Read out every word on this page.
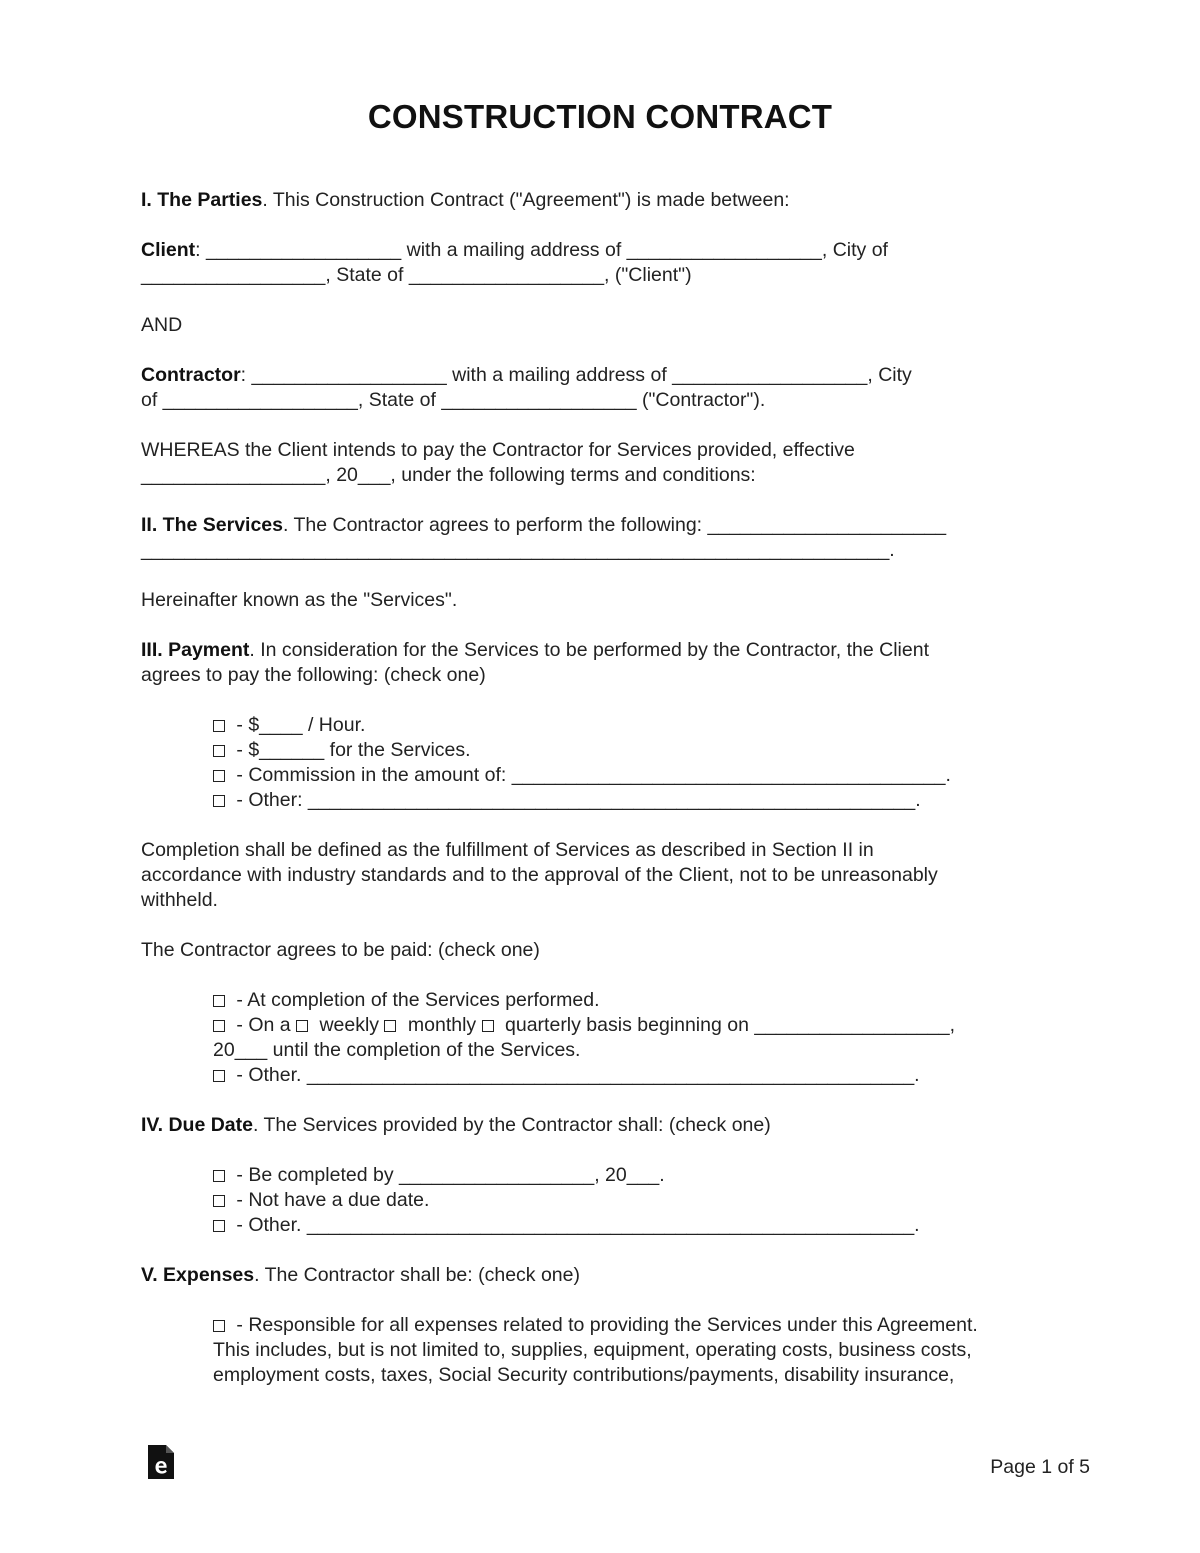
CONSTRUCTION CONTRACT

I. The Parties. This Construction Contract ("Agreement") is made between:

Client: __________________ with a mailing address of __________________, City of
_________________, State of __________________, ("Client")

AND

Contractor: __________________ with a mailing address of __________________, City
of __________________, State of __________________ ("Contractor").

WHEREAS the Client intends to pay the Contractor for Services provided, effective
_________________, 20___, under the following terms and conditions:

II. The Services. The Contractor agrees to perform the following: ______________________
_____________________________________________________________________.

Hereinafter known as the "Services".

III. Payment. In consideration for the Services to be performed by the Contractor, the Client
agrees to pay the following: (check one)

- $____ / Hour.
- $______ for the Services.
- Commission in the amount of: ________________________________________.
- Other: ________________________________________________________.

Completion shall be defined as the fulfillment of Services as described in Section II in
accordance with industry standards and to the approval of the Client, not to be unreasonably
withheld.

The Contractor agrees to be paid: (check one)

- At completion of the Services performed.
- On a  weekly  monthly  quarterly basis beginning on __________________,
20___ until the completion of the Services.
- Other. ________________________________________________________.

IV. Due Date. The Services provided by the Contractor shall: (check one)

- Be completed by __________________, 20___.
- Not have a due date.
- Other. ________________________________________________________.

V. Expenses. The Contractor shall be: (check one)

- Responsible for all expenses related to providing the Services under this Agreement.
This includes, but is not limited to, supplies, equipment, operating costs, business costs,
employment costs, taxes, Social Security contributions/payments, disability insurance,
Page 1 of 5
